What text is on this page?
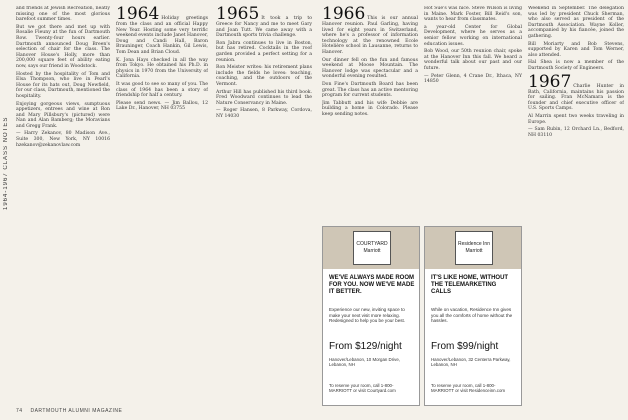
1964-1967 CLASS NOTES

and friends at Jewish Recreation, neatly missing one of the most glorious barefoot summer times.

But we got there and met up with Rosalie Fleuny at the fun of Dartmouth Row. Twenty-four hours earlier. Dartmouth announced Doug Breen's selection of chair for the class. The Hanover House's Holly, more than 200,000 square feet of ability eating now, says our friend in Woodstock.

Hosted by the hospitality of Tom and Elsa Thompson, who live in Pearl's House for its hats out, Doug Newfield, for our class, Dartmouth, mentioned the hospitality.

Enjoying gorgeous views, sumptuous appetizers, entrees and wine at Ron and Mary Pillsbury's (pictured) were Nan and Alan Bamberg; the Moravians and Gregg Frank.

— Harry Zekanov, 80 Madison Ave., Suite 300, New York, NY 10016 hzekanov@zekanovlaw.com

1964 Holiday greetings from the class and an official Happy New Year. Hosting some very terrific weekend events include Janet Hanover, Doug and Candi Hall, Baron Brauninger, Coach Hankin, Gil Lewis, Tom Dean and Brian Cloud.

K. Jona Hays checked in all the way from Tokyo. He obtained his Ph.D. in physics in 1970 from the University of California.

It was good to see so many of you. The class of 1964 has been a story of friendship for half a century.

Please send news. — Jim Ballou, 12 Lake Dr., Hanover, NH 03755

1965 It took a trip to Greece for Nancy and me to meet Gary and Joan Tutt. We came away with a Dartmouth sports trivia challenge.

Ron Jabra continues to live in Boston, but has retired. Cocktails in the roof garden provided a perfect setting for a reunion.

Ron Meister writes: his retirement plans include the fields he loves: teaching, coaching, and the outdoors of the Vermont.

Arthur Hill has published his third book. Fred Woodward continues to lead the Nature Conservancy in Maine.

— Roger Hansen, 8 Parkway, Cordova, NY 14030

1966 This is our annual Hanover reunion. Paul Garling, having lived for eight years in Switzerland, where he's a professor of information technology at the renowned Ecole Hotelière school in Lausanne, returns to Hanover.

Our dinner fell on the fun and famous weekend at Moose Mountain. The Hanover lodge was spectacular and a wonderful evening resulted.

Don Fine's Dartmouth Board has been great. The class has an active mentoring program for current students.

Jim Tabbutt and his wife Debbie are building a home in Colorado. Please keep sending notes.

Hot Sue's was nice. Steve Wilson is living in Maine. Mark Foster, Bill Reid's son, wants to hear from classmates.

a year-old Center for Global Development, where he serves as a senior fellow working on international education issues.

Bob Wood, our 50th reunion chair, spoke at the Hanover Inn this fall. We heard a wonderful talk about our past and our future.

— Peter Glenn, 4 Crane Dr., Ithaca, NY 14850

Weekend in September. The delegation was led by president Chuck Sherman, who also served as president of the Dartmouth Association. Wayne Koller, accompanied by his fiancée, joined the gathering.

Bill Moriarty and Bob Stevens, supported by Karen and Tom Werner, also attended.

Hal Shea is now a member of the Dartmouth Society of Engineers.

1967 Charlie Hunter in Bath, California, maintains his passion for sailing. Fran McNamara is the founder and chief executive officer of U.S. Sports Camps.

Al Marrin spent two weeks traveling in Europe.

— Sam Rubin, 12 Orchard Ln., Bedford, NH 03110

COURTYARD Marriott
WE'VE ALWAYS MADE ROOM FOR YOU. NOW WE'VE MADE IT BETTER.
Experience our new, inviting space to make your next visit more relaxing. Redesigned to help you be your best.
From $129/night
Hanover/Lebanon, 10 Morgan Drive, Lebanon, NH
To reserve your room, call 1-800-MARRIOTT or visit Courtyard.com
Residence Inn Marriott
IT'S LIKE HOME, WITHOUT THE TELEMARKETING CALLS
While on vacation, Residence Inn gives you all the comforts of home without the hassles.
From $99/night
Hanover/Lebanon, 32 Centerra Parkway, Lebanon, NH
To reserve your room, call 1-800-MARRIOTT or visit Residenceinn.com
74 DARTMOUTH ALUMNI MAGAZINE
